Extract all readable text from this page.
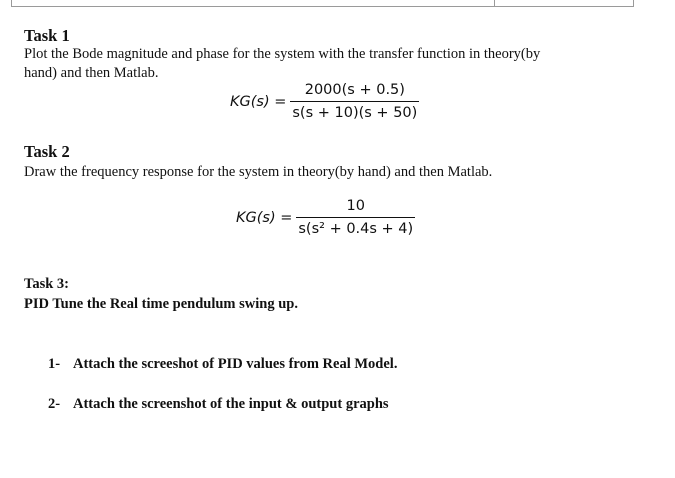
Task 1
Plot the Bode magnitude and phase for the system with the transfer function in theory(by
hand) and then Matlab.
$KG(s) = \frac{2000(s + 0.5)}{s(s + 10)(s + 50)}$
Task 2
Draw the frequency response for the system in theory(by hand) and then Matlab.
$KG(s) = \frac{10}{\text{s(s² + 0.4s + 4)}}$
Task 3:
PID Tune the Real time pendulum swing up.
1- Attach the screeshot of PID values from Real Model.
2- Attach the screenshot of the input & output graphs
